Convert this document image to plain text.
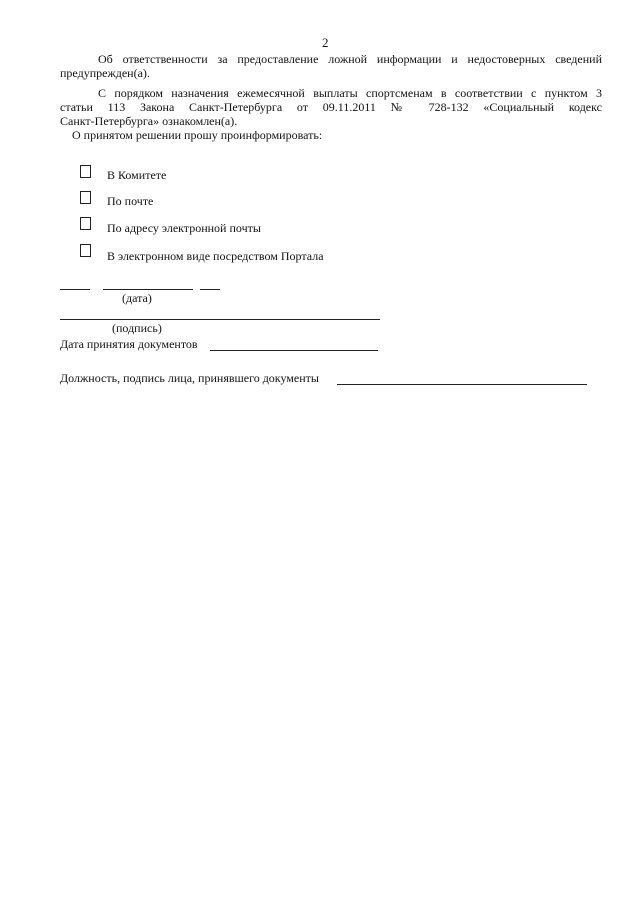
2
Об ответственности за предоставление ложной информации и недостоверных сведений
предупрежден(а).
С порядком назначения ежемесячной выплаты спортсменам в соответствии с пунктом 3
статьи 113 Закона Санкт-Петербурга от 09.11.2011 № 728-132 «Социальный кодекс
Санкт-Петербурга» ознакомлен(а).
О принятом решении прошу проинформировать:
В Комитете
По почте
По адресу электронной почты
В электронном виде посредством Портала
(дата)
(подпись)
Дата принятия документов
Должность, подпись лица, принявшего документы
